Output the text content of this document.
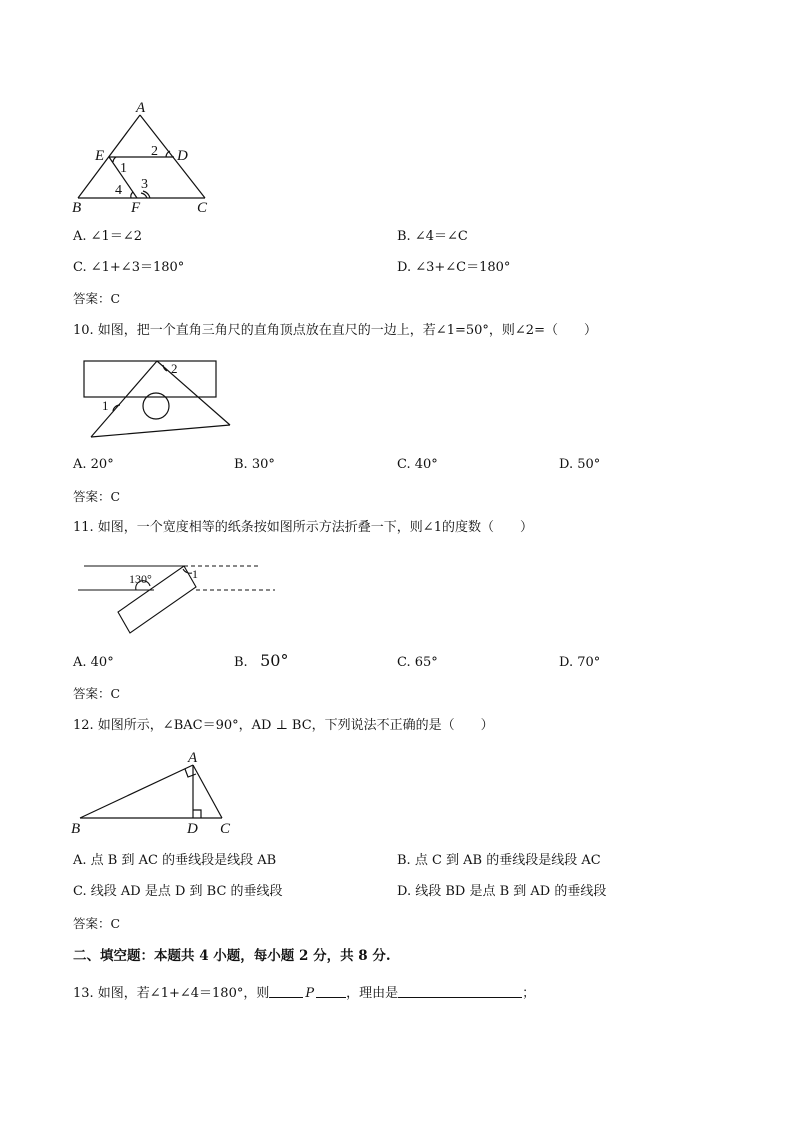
A
E	D
B	F	C
1
2
3
4
A. ∠1＝∠2	B. ∠4＝∠C
C. ∠1+∠3＝180°	D. ∠3+∠C＝180°
答案：C
10. 如图，把一个直角三角尺的直角顶点放在直尺的一边上，若∠1=50°，则∠2=（　　）
1
2
A. 20°	B. 30°	C. 40°	D. 50°
答案：C
11. 如图，一个宽度相等的纸条按如图所示方法折叠一下，则∠1的度数（　　）
130°	1
A. 40°	B. 50°	C. 65°	D. 70°
答案：C
12. 如图所示，∠BAC＝90°，AD ⊥ BC，下列说法不正确的是（　　）
A
B	D C
A. 点 B 到 AC 的垂线段是线段 AB	B. 点 C 到 AB 的垂线段是线段 AC
C. 线段 AD 是点 D 到 BC 的垂线段	D. 线段 BD 是点 B 到 AD 的垂线段
答案：C
二、填空题：本题共 4 小题，每小题 2 分，共 8 分.
13. 如图，若∠1+∠4＝180°，则	P ，理由是	；
